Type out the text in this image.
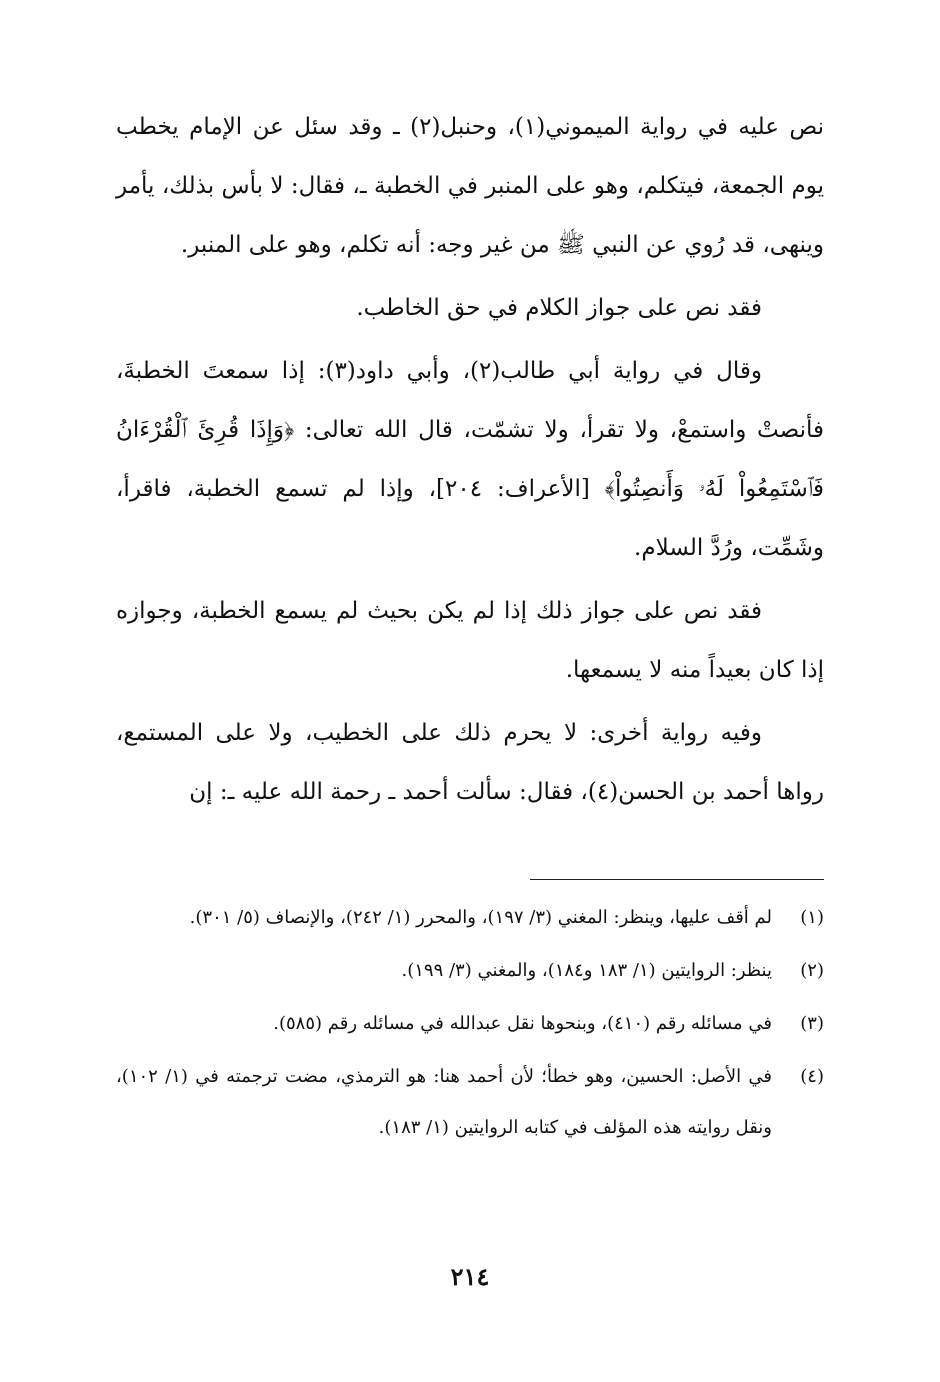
نص عليه في رواية الميموني(١)، وحنبل(٢) ـ وقد سئل عن الإمام يخطب يوم الجمعة، فيتكلم، وهو على المنبر في الخطبة ـ، فقال: لا بأس بذلك، يأمر وينهى، قد رُوي عن النبي ﷺ من غير وجه: أنه تكلم، وهو على المنبر.

فقد نص على جواز الكلام في حق الخاطب.

وقال في رواية أبي طالب(٢)، وأبي داود(٣): إذا سمعتَ الخطبةَ، فأنصتْ واستمعْ، ولا تقرأ، ولا تشمّت، قال الله تعالى: ﴿وَإِذَا قُرِئَ ٱلْقُرْءَانُ فَٱسْتَمِعُواْ لَهُۥ وَأَنصِتُواْ﴾ [الأعراف: ٢٠٤]، وإذا لم تسمع الخطبة، فاقرأ، وشَمِّت، ورُدَّ السلام.

فقد نص على جواز ذلك إذا لم يكن بحيث لم يسمع الخطبة، وجوازه إذا كان بعيداً منه لا يسمعها.

وفيه رواية أخرى: لا يحرم ذلك على الخطيب، ولا على المستمع، رواها أحمد بن الحسن(٤)، فقال: سألت أحمد ـ رحمة الله عليه ـ: إن

(١)
لم أقف عليها، وينظر: المغني (٣/ ١٩٧)، والمحرر (١/ ٢٤٢)، والإنصاف (٥/ ٣٠١).
(٢)
ينظر: الروايتين (١/ ١٨٣ و١٨٤)، والمغني (٣/ ١٩٩).
(٣)
في مسائله رقم (٤١٠)، وبنحوها نقل عبدالله في مسائله رقم (٥٨٥).
(٤)
في الأصل: الحسين، وهو خطأ؛ لأن أحمد هنا: هو الترمذي، مضت ترجمته في (١/ ١٠٢)، ونقل روايته هذه المؤلف في كتابه الروايتين (١/ ١٨٣).
٢١٤
